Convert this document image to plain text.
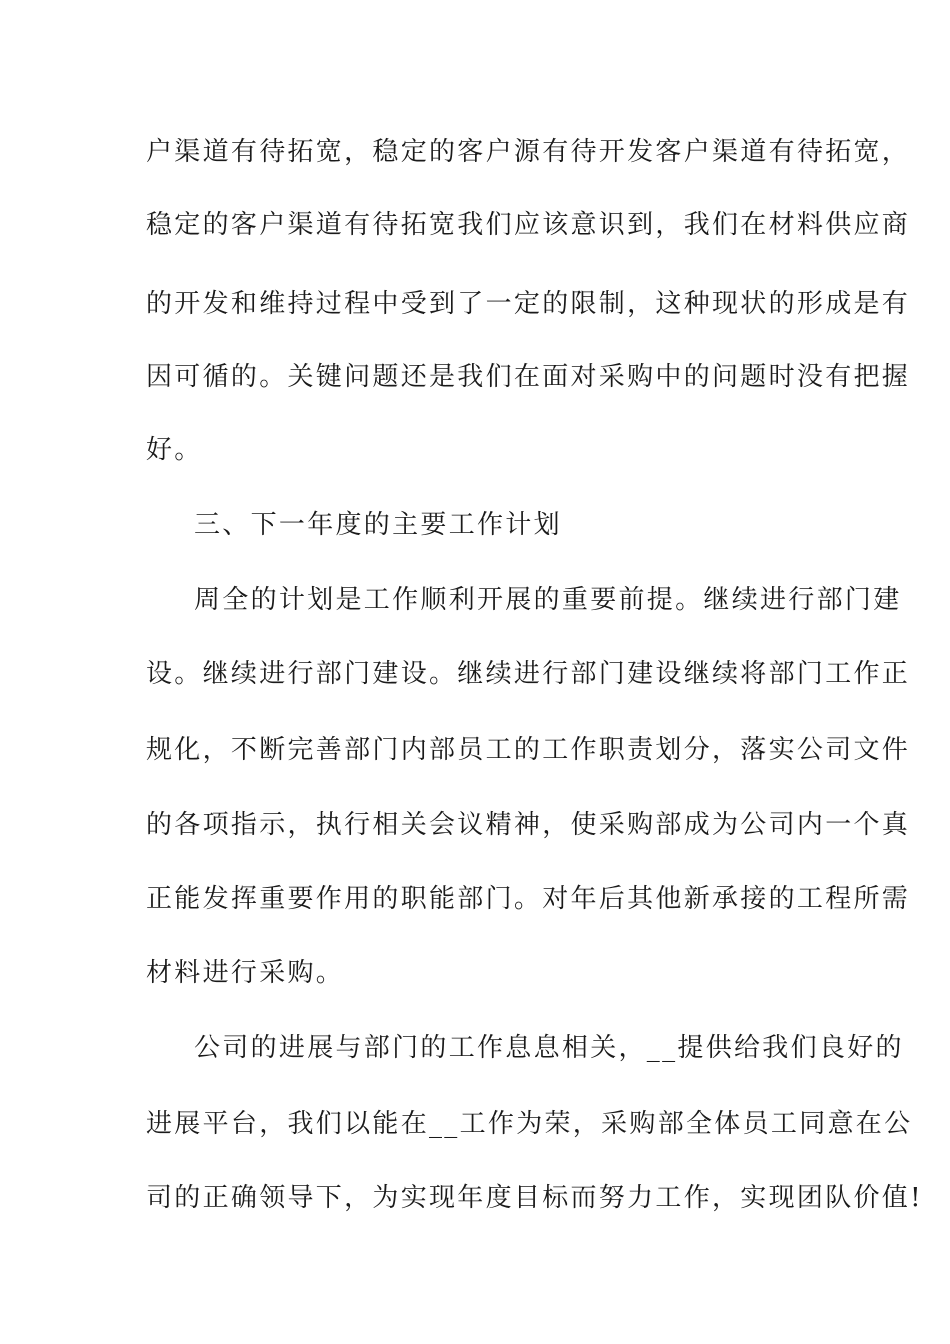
户渠道有待拓宽，稳定的客户源有待开发客户渠道有待拓宽，
稳定的客户渠道有待拓宽我们应该意识到，我们在材料供应商
的开发和维持过程中受到了一定的限制，这种现状的形成是有
因可循的。关键问题还是我们在面对采购中的问题时没有把握
好。
三、下一年度的主要工作计划
周全的计划是工作顺利开展的重要前提。继续进行部门建
设。继续进行部门建设。继续进行部门建设继续将部门工作正
规化，不断完善部门内部员工的工作职责划分，落实公司文件
的各项指示，执行相关会议精神，使采购部成为公司内一个真
正能发挥重要作用的职能部门。对年后其他新承接的工程所需
材料进行采购。
公司的进展与部门的工作息息相关，__提供给我们良好的
进展平台，我们以能在__工作为荣，采购部全体员工同意在公
司的正确领导下，为实现年度目标而努力工作，实现团队价值!
